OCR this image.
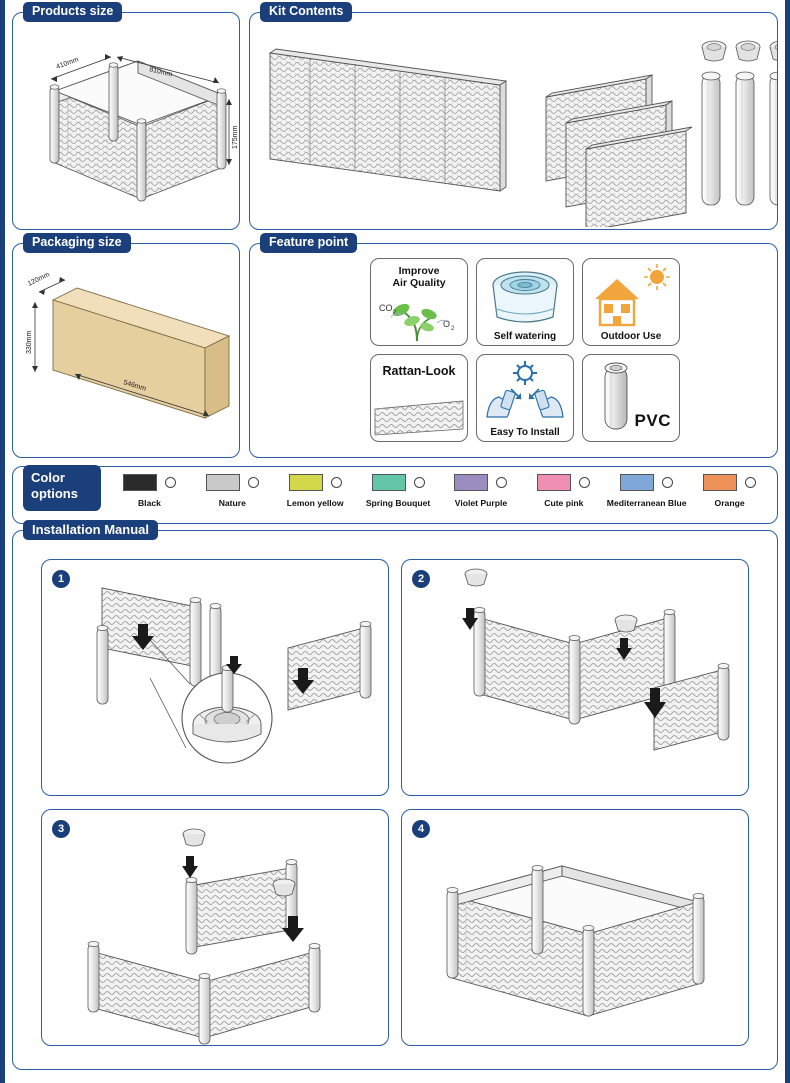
Products size
410mm
810mm
175mm
Kit Contents
Packaging size
120mm
330mm
546mm
Feature point
Improve
Air Quality
CO 2
O 2
Self watering	Outdoor Use
Rattan-Look
Easy To Install
PVC
Color
options
Black	Nature	Lemon yellow	Spring Bouquet	Violet Purple	Cute pink	Mediterranean Blue	Orange
Installation Manual
1	2
3	4
